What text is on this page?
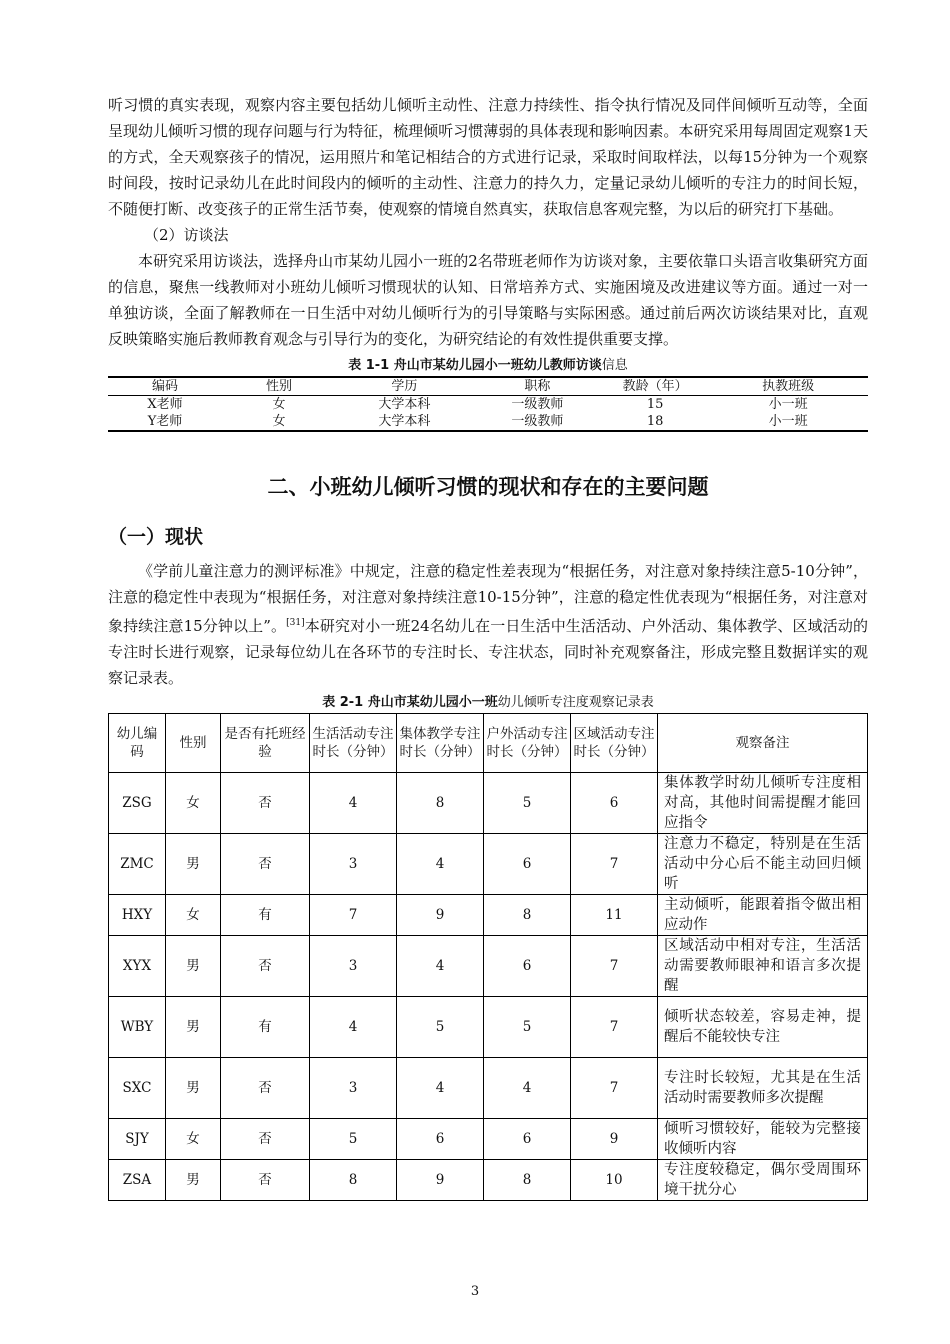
听习惯的真实表现，观察内容主要包括幼儿倾听主动性、注意力持续性、指令执行情况及同伴间倾听互动等，全面呈现幼儿倾听习惯的现存问题与行为特征，梳理倾听习惯薄弱的具体表现和影响因素。本研究采用每周固定观察1天的方式，全天观察孩子的情况，运用照片和笔记相结合的方式进行记录，采取时间取样法，以每15分钟为一个观察时间段，按时记录幼儿在此时间段内的倾听的主动性、注意力的持久力，定量记录幼儿倾听的专注力的时间长短，不随便打断、改变孩子的正常生活节奏，使观察的情境自然真实，获取信息客观完整，为以后的研究打下基础。

（2）访谈法

本研究采用访谈法，选择舟山市某幼儿园小一班的2名带班老师作为访谈对象，主要依靠口头语言收集研究方面的信息，聚焦一线教师对小班幼儿倾听习惯现状的认知、日常培养方式、实施困境及改进建议等方面。通过一对一单独访谈，全面了解教师在一日生活中对幼儿倾听行为的引导策略与实际困惑。通过前后两次访谈结果对比，直观反映策略实施后教师教育观念与引导行为的变化，为研究结论的有效性提供重要支撑。

表 1-1 舟山市某幼儿园小一班幼儿教师访谈信息
编码	性别	学历	职称	教龄（年）	执教班级
X老师	女	大学本科	一级教师	15	小一班
Y老师	女	大学本科	一级教师	18	小一班
二、小班幼儿倾听习惯的现状和存在的主要问题
（一）现状

《学前儿童注意力的测评标准》中规定，注意的稳定性差表现为“根据任务，对注意对象持续注意5-10分钟”，注意的稳定性中表现为“根据任务，对注意对象持续注意10-15分钟”，注意的稳定性优表现为“根据任务，对注意对象持续注意15分钟以上”。[31]本研究对小一班24名幼儿在一日生活中生活活动、户外活动、集体教学、区域活动的专注时长进行观察，记录每位幼儿在各环节的专注时长、专注状态，同时补充观察备注，形成完整且数据详实的观察记录表。

表 2-1 舟山市某幼儿园小一班幼儿倾听专注度观察记录表
幼儿编码	性别	是否有托班经验	生活活动专注时长（分钟）	集体教学专注时长（分钟）	户外活动专注时长（分钟）	区域活动专注时长（分钟）	观察备注
ZSG	女	否	4	8	5	6	集体教学时幼儿倾听专注度相对高，其他时间需提醒才能回应指令
ZMC	男	否	3	4	6	7	注意力不稳定，特别是在生活活动中分心后不能主动回归倾听
HXY	女	有	7	9	8	11	主动倾听，能跟着指令做出相应动作
XYX	男	否	3	4	6	7	区域活动中相对专注，生活活动需要教师眼神和语言多次提醒
WBY	男	有	4	5	5	7	倾听状态较差，容易走神，提醒后不能较快专注
SXC	男	否	3	4	4	7	专注时长较短，尤其是在生活活动时需要教师多次提醒
SJY	女	否	5	6	6	9	倾听习惯较好，能较为完整接收倾听内容
ZSA	男	否	8	9	8	10	专注度较稳定，偶尔受周围环境干扰分心
3
